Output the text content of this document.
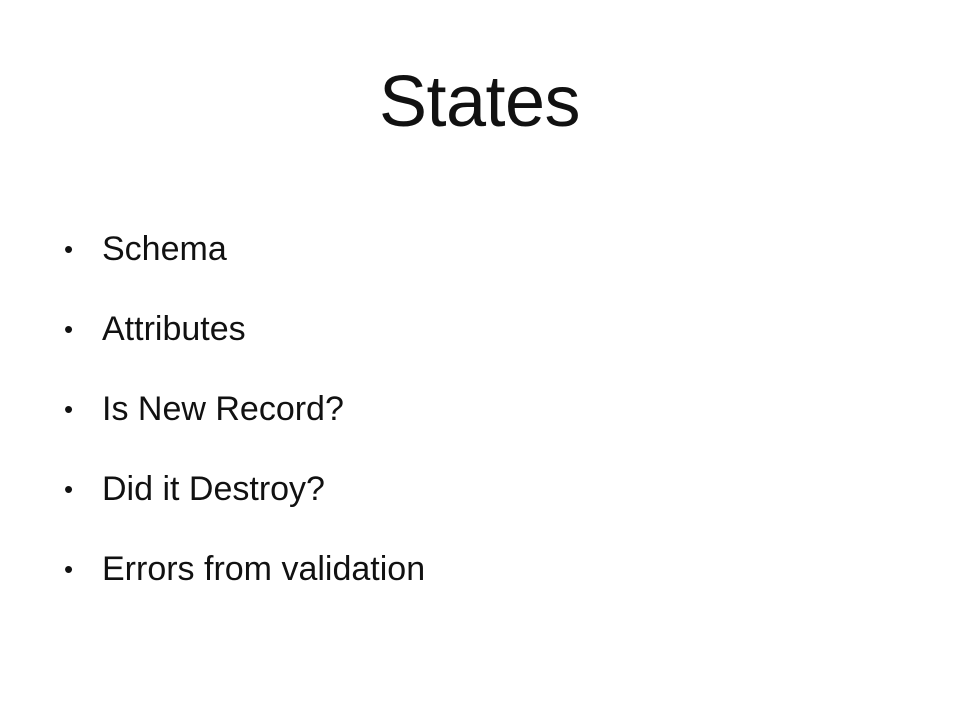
States
• Schema
• Attributes
• Is New Record?
• Did it Destroy?
• Errors from validation
